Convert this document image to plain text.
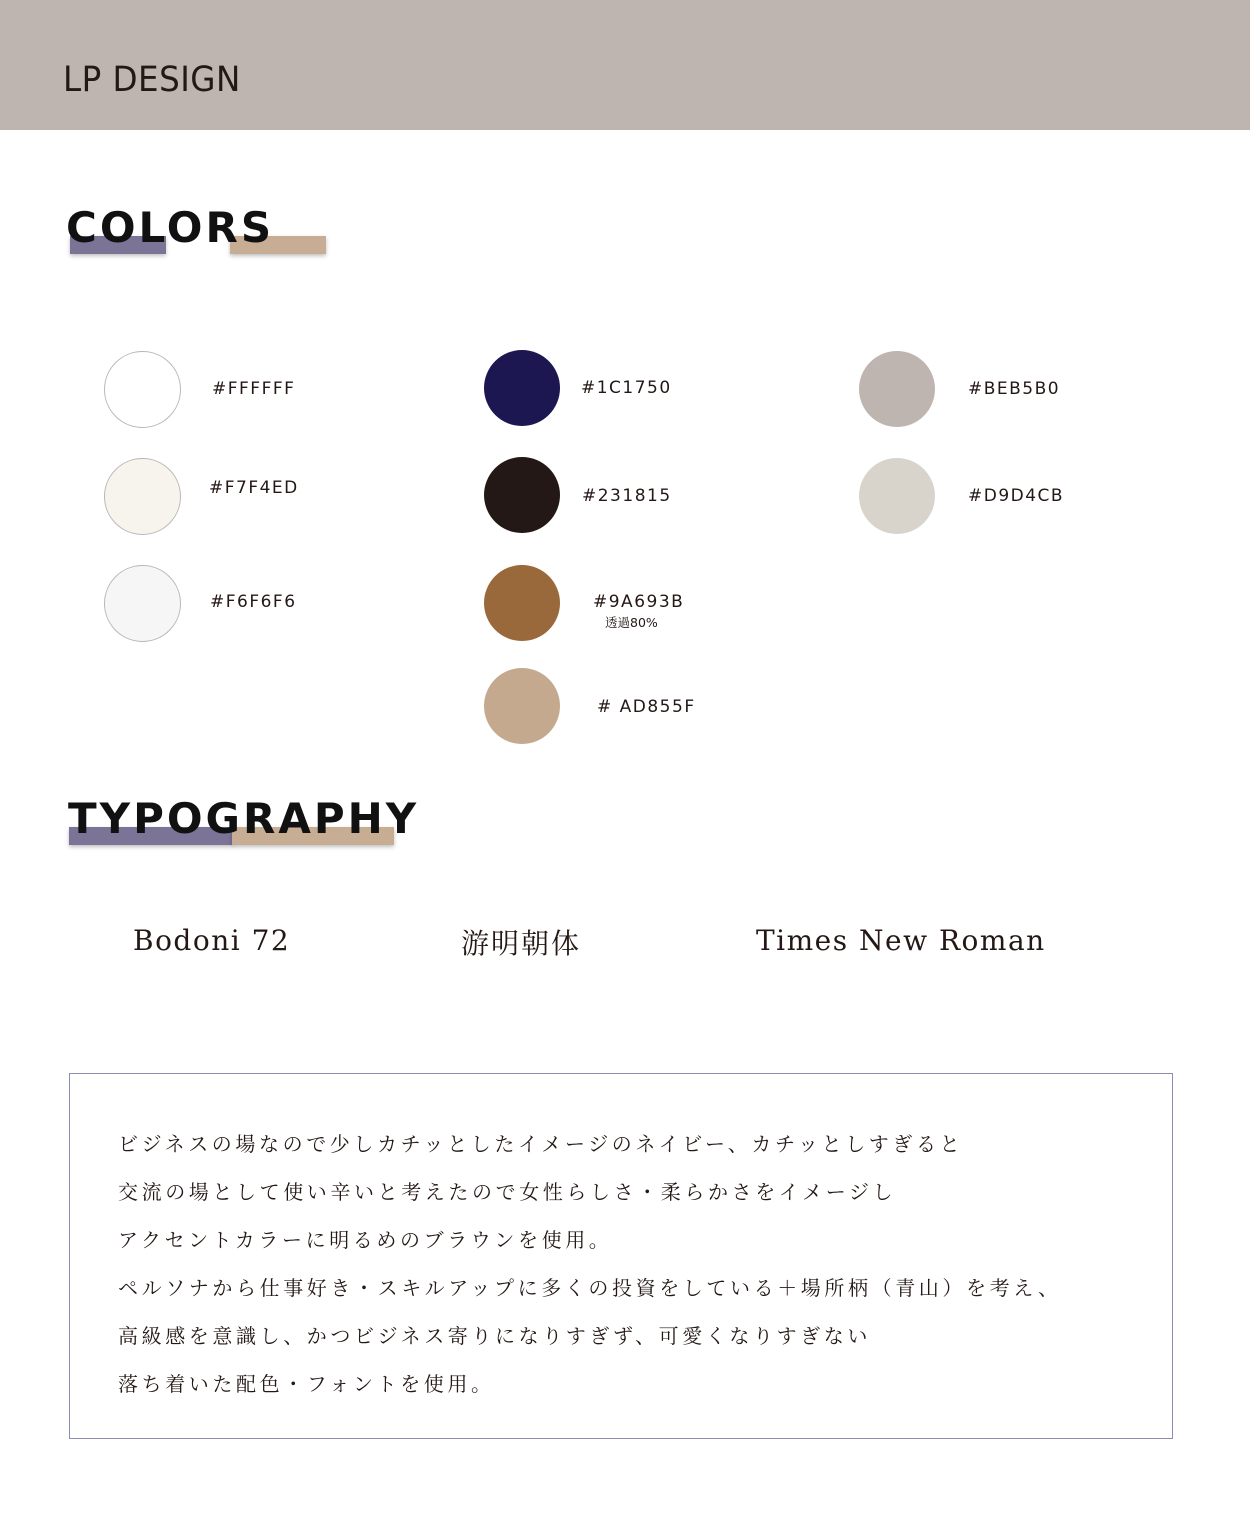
LP DESIGN
COLORS
#FFFFFF
#F7F4ED
#F6F6F6
#1C1750
#231815
#9A693B
透過80%
# AD855F
#BEB5B0
#D9D4CB
TYPOGRAPHY
Bodoni 72	游明朝体	Times New Roman
ビジネスの場なので少しカチッとしたイメージのネイビー、カチッとしすぎると
交流の場として使い辛いと考えたので女性らしさ・柔らかさをイメージし
アクセントカラーに明るめのブラウンを使用。
ペルソナから仕事好き・スキルアップに多くの投資をしている＋場所柄（青山）を考え、
高級感を意識し、かつビジネス寄りになりすぎず、可愛くなりすぎない
落ち着いた配色・フォントを使用。
